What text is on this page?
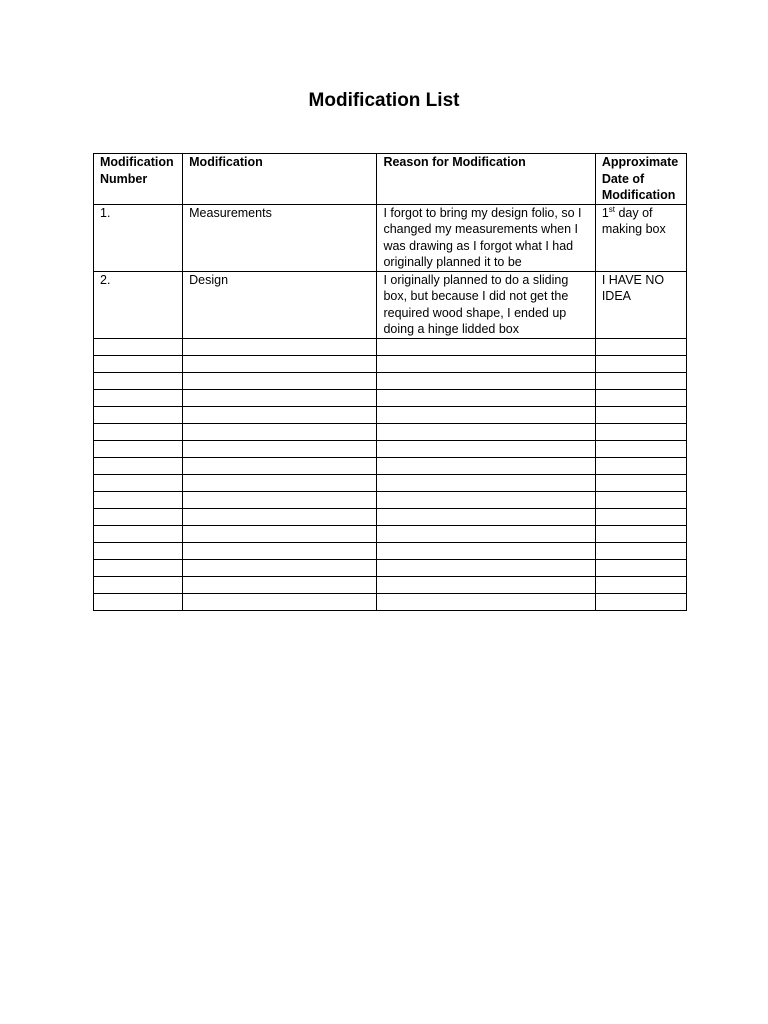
Modification List
Modification Number	Modification	Reason for Modification	Approximate Date of Modification
1.	Measurements	I forgot to bring my design folio, so I changed my measurements when I was drawing as I forgot what I had originally planned it to be	1st day of making box
2.	Design	I originally planned to do a sliding box, but because I did not get the required wood shape, I ended up doing a hinge lidded box	I HAVE NO IDEA
